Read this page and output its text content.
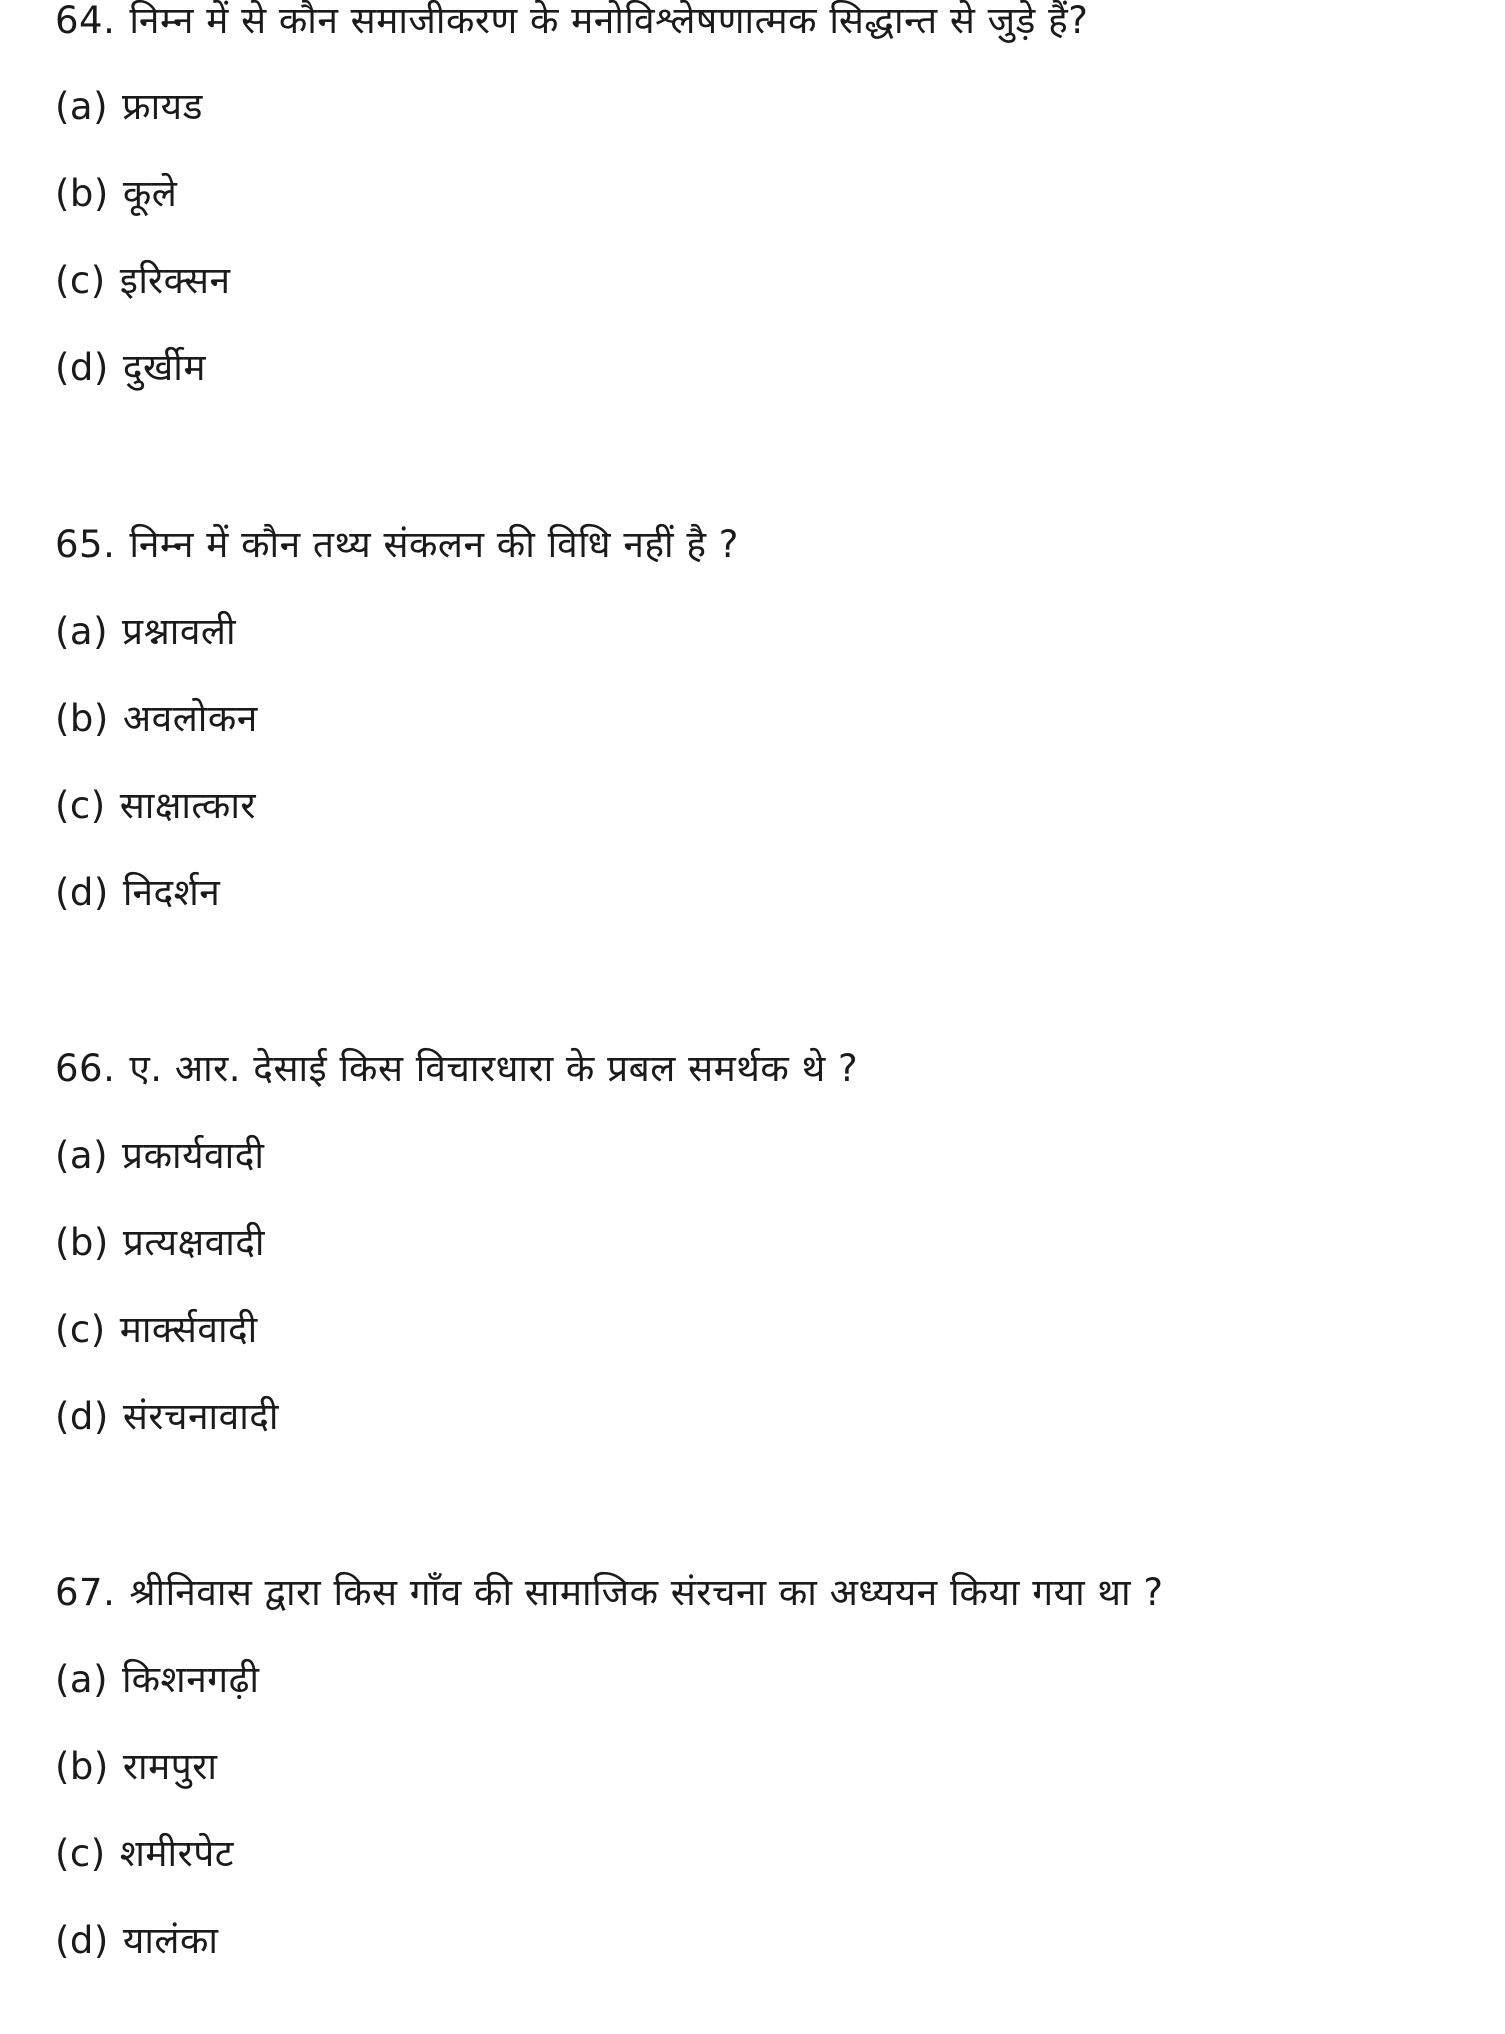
64. निम्न में से कौन समाजीकरण के मनोविश्लेषणात्मक सिद्धान्त से जुड़े हैं?
(a) फ्रायड
(b) कूले
(c) इरिक्सन
(d) दुर्खीम
65. निम्न में कौन तथ्य संकलन की विधि नहीं है ?
(a) प्रश्नावली
(b) अवलोकन
(c) साक्षात्कार
(d) निदर्शन
66. ए. आर. देसाई किस विचारधारा के प्रबल समर्थक थे ?
(a) प्रकार्यवादी
(b) प्रत्यक्षवादी
(c) मार्क्सवादी
(d) संरचनावादी
67. श्रीनिवास द्वारा किस गाँव की सामाजिक संरचना का अध्ययन किया गया था ?
(a) किशनगढ़ी
(b) रामपुरा
(c) शमीरपेट
(d) यालंका
